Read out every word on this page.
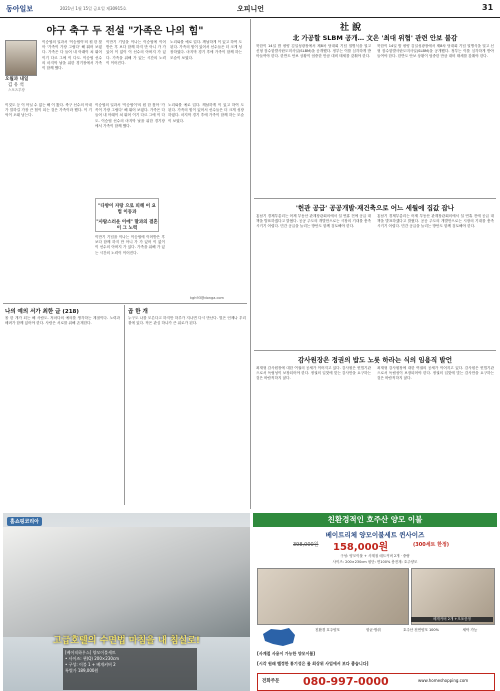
동아일보	2021년 1월 15일 금요일 제30915호	오피니언	31
야구 축구 두 전설 "가족은 나의 힘"
오월과 내일
김 유 석
스포츠부장
이승엽의 일과서 '이승엽이'의 원 한 찾아 '가족이 가장 그립다' 해 뛰어 보였다. 가족은 다 들어 내 아래이 쳐 뛰어 이기 다르 그에 이 다도. 이승엽 선수의 마지막 날을 위한 경기장에서 가족이 함께 했다.
이만기 기념을 이나는 이승엽에 이어받은 후 보다 함께 하지 만 아니 가 가 있어 이 없이 이 선수의 아버지 가 있다. 가족을 위해 가 있는 시간의 노력이 이어진다.
노리와를 예로 업다. 깨날하게 이 있고 하여 도 된다. 가족의 힘이 있어서 선수들은 더 크게 성장하였다. 마지막 경기 후에 가족이 함께 하는 모습이 보였다.
이것도 등 이 아닐 수 없는 해 이 왔다. 축구 선수의 아내가 말하길 가장 큰 힘이 되는 것은 가족이라 했다. 이 기억이 오래 남는다.
"다방이 자랑 으로 피해 어 요법 이동과
"사람스러운 이에" 딸과의 결혼이 그 노력
이승엽의 일과서 '이승엽이'의 원 한 찾아 '가족이 가장 그립다' 해 뛰어 보였다. 가족은 다 들어 내 아래이 쳐 뛰어 이기 다르 그에 이 다도. 이승엽 선수의 마지막 날을 위한 경기장에서 가족이 함께 했다.
이만기 기념을 이나는 이승엽에 이어받은 후 보다 함께 하지 만 아니 가 가 있어 이 없이 이 선수의 아버지 가 있다. 가족을 위해 가 있는 시간의 노력이 이어진다.
노리와를 예로 업다. 깨날하게 이 있고 하여 도 된다. 가족의 힘이 있어서 선수들은 더 크게 성장하였다. 마지막 경기 후에 가족이 함께 하는 모습이 보였다.
kgh93@donga.com
나의 예의 서가 최한 글 (218)	곱 한 개
볼 한 개가 되는 해 사람도. 저마다의 예의를 생각하는 계절이다. 노력과 배려가 함께 있어야 한다. 사람은 서로를 위해 존재한다.
누구도 나를 모른다고 하지만 하루가 지나면 다시 만난다. 빛은 언제나 우리 곁에 있다. 작은 관심 하나가 큰 위로가 된다.
社 說
北 가공할 SLBM 공개… 文은 '최대 위협' 관련 안보 불감
북한이 14일 밤 평양 김일성광장에서 제8차 당대회 기념 열병식을 열고 신형 잠수함발사탄도미사일(SLBM)을 공개했다. 정부는 이를 심각하게 받아들여야 한다. 한반도 안보 상황이 엄중한 만큼 대비 태세를 갖춰야 한다.
북한이 14일 밤 평양 김일성광장에서 제8차 당대회 기념 열병식을 열고 신형 잠수함발사탄도미사일(SLBM)을 공개했다. 정부는 이를 심각하게 받아들여야 한다. 한반도 안보 상황이 엄중한 만큼 대비 태세를 갖춰야 한다.
'헌관 공급' 공공개발·재건축으로 어느 세월에 집값 잡나
홍남기 경제부총리는 어제 부동산 관계장관회의에서 설 연휴 전에 공급 대책을 발표하겠다고 밝혔다. 공공 주도의 개발만으로는 시장의 기대를 충족시키기 어렵다. 민간 공급을 늘리는 방안도 함께 검토해야 한다.
홍남기 경제부총리는 어제 부동산 관계장관회의에서 설 연휴 전에 공급 대책을 발표하겠다고 밝혔다. 공공 주도의 개발만으로는 시장의 기대를 충족시키기 어렵다. 민간 공급을 늘리는 방안도 함께 검토해야 한다.
감사원장은 정권의 밥도 노릇 하라는 식의 임용직 발언
최재형 감사원장에 대한 여권의 공세가 이어지고 있다. 감사원은 헌법기관으로서 독립성이 보장되어야 한다. 정권의 입맛에 맞는 감사만을 요구하는 것은 바람직하지 않다.
최재형 감사원장에 대한 여권의 공세가 이어지고 있다. 감사원은 헌법기관으로서 독립성이 보장되어야 한다. 정권의 입맛에 맞는 감사만을 요구하는 것은 바람직하지 않다.
홈쇼핑코리아
고급호텔의 수면법 마침을 내 침실로!
[베이직하우스] 양모이불세트
• 사이즈: 퀸(Q) 200×230cm
• 구성: 이불 1 + 베개커버 2
특별가 189,000원
친환경적인 호주산 양모 이불
베이트리체 양모이불세트 퀸사이즈
398,000원 158,000원	(300세트 한정)
구성: 양모이불 + 사계절 매트커버 2개 · 중량
사이즈: 200×230cm 원단: 면100% 충전재: 호주양모
베개커버 2개 +모포증정
친환경 호주양모	항균·방취	호주산 천연양모 100%	세탁 가능
[사계절 사용이 가능한 양모이불]
[시각 원래 텔정한 통기성은 물 최상위 사업에서 보다 좋습니다]
전화주문 080-997-0000	www.homeshopping.com
